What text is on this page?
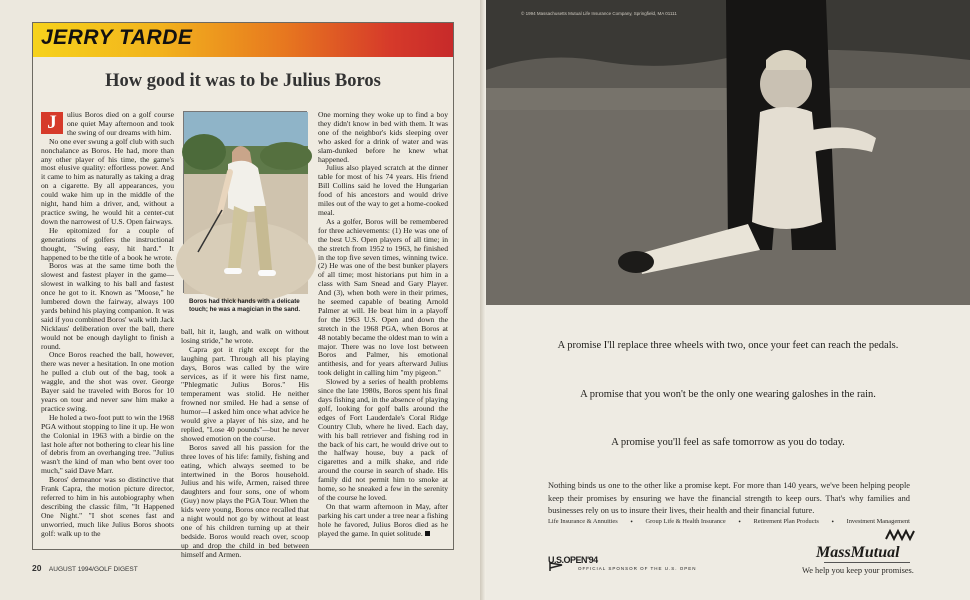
JERRY TARDE
How good it was to be Julius Boros

J	ulius Boros died on a golf course one quiet May afternoon and took the swing of our dreams with him.

No one ever swung a golf club with such nonchalance as Boros. He had, more than any other player of his time, the game's most elusive quality: effortless power. And it came to him as naturally as taking a drag on a cigarette. By all appearances, you could wake him up in the middle of the night, hand him a driver, and, without a practice swing, he would hit a center-cut down the narrowest of U.S. Open fairways.

He epitomized for a couple of generations of golfers the instructional thought, "Swing easy, hit hard." It happened to be the title of a book he wrote.

Boros was at the same time both the slowest and fastest player in the game—slowest in walking to his ball and fastest once he got to it. Known as "Moose," he lumbered down the fairway, always 100 yards behind his playing companion. It was said if you combined Boros' walk with Jack Nicklaus' deliberation over the ball, there would not be enough daylight to finish a round.

Once Boros reached the ball, however, there was never a hesitation. In one motion he pulled a club out of the bag, took a waggle, and the shot was over. George Bayer said he traveled with Boros for 10 years on tour and never saw him make a practice swing.

He holed a two-foot putt to win the 1968 PGA without stopping to line it up. He won the Colonial in 1963 with a birdie on the last hole after not bothering to clear his line of debris from an overhanging tree. "Julius wasn't the kind of man who bent over too much," said Dave Marr.

Boros' demeanor was so distinctive that Frank Capra, the motion picture director, referred to him in his autobiography when describing the classic film, "It Happened One Night." "I shot scenes fast and unworried, much like Julius Boros shoots golf: walk up to the

Boros had thick hands with a delicate touch; he was a magician in the sand.

ball, hit it, laugh, and walk on without losing stride," he wrote.

Capra got it right except for the laughing part. Through all his playing days, Boros was called by the wire services, as if it were his first name, "Phlegmatic Julius Boros." His temperament was stolid. He neither frowned nor smiled. He had a sense of humor—I asked him once what advice he would give a player of his size, and he replied, "Lose 40 pounds"—but he never showed emotion on the course.

Boros saved all his passion for the three loves of his life: family, fishing and eating, which always seemed to be intertwined in the Boros household. Julius and his wife, Armen, raised three daughters and four sons, one of whom (Guy) now plays the PGA Tour. When the kids were young, Boros once recalled that a night would not go by without at least one of his children turning up at their bedside. Boros would reach over, scoop up and drop the child in bed between himself and Armen.

One morning they woke up to find a boy they didn't know in bed with them. It was one of the neighbor's kids sleeping over who asked for a drink of water and was slam-dunked before he knew what happened.

Julius also played scratch at the dinner table for most of his 74 years. His friend Bill Collins said he loved the Hungarian food of his ancestors and would drive miles out of the way to get a home-cooked meal.

As a golfer, Boros will be remembered for three achievements: (1) He was one of the best U.S. Open players of all time; in the stretch from 1952 to 1963, he finished in the top five seven times, winning twice. (2) He was one of the best bunker players of all time; most historians put him in a class with Sam Snead and Gary Player. And (3), when both were in their primes, he seemed capable of beating Arnold Palmer at will. He beat him in a playoff for the 1963 U.S. Open and down the stretch in the 1968 PGA, when Boros at 48 notably became the oldest man to win a major. There was no love lost between Boros and Palmer, his emotional antithesis, and for years afterward Julius took delight in calling him "my pigeon."

Slowed by a series of health problems since the late 1980s, Boros spent his final days fishing and, in the absence of playing golf, looking for golf balls around the edges of Fort Lauderdale's Coral Ridge Country Club, where he lived. Each day, with his ball retriever and fishing rod in the back of his cart, he would drive out to the halfway house, buy a pack of cigarettes and a milk shake, and ride around the course in search of shade. His family did not permit him to smoke at home, so he sneaked a few in the serenity of the course he loved.

On that warm afternoon in May, after parking his cart under a tree near a fishing hole he favored, Julius Boros died as he played the game. In quiet solitude.

20 AUGUST 1994/GOLF DIGEST
© 1994 Massachusetts Mutual Life Insurance Company, Springfield, MA 01111
A promise I'll replace three wheels with two, once your feet can reach the pedals.
A promise that you won't be the only one wearing galoshes in the rain.
A promise you'll feel as safe tomorrow as you do today.
Nothing binds us one to the other like a promise kept. For more than 140 years, we've been helping people keep their promises by ensuring we have the financial strength to keep ours. That's why families and businesses rely on us to insure their lives, their health and their financial future.
Life Insurance & Annuities • Group Life & Health Insurance • Retirement Plan Products • Investment Management
U.S.OPEN'94
OFFICIAL SPONSOR OF THE U.S. OPEN
MassMutual
We help you keep your promises.
